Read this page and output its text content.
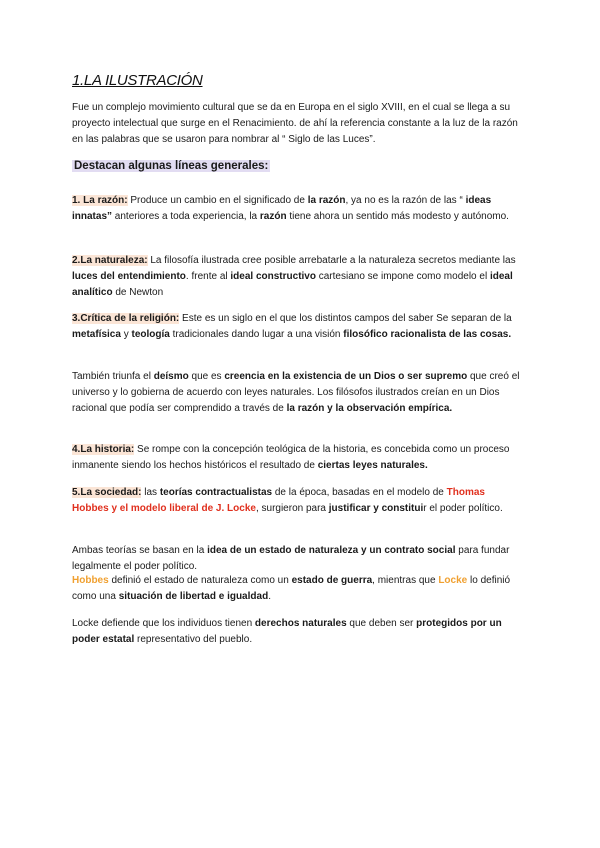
1.LA ILUSTRACIÓN
Fue un complejo movimiento cultural que se da en Europa en el siglo XVIII, en el cual se llega a su proyecto intelectual que surge en el Renacimiento. de ahí la referencia constante a la luz de la razón en las palabras que se usaron para nombrar al “ Siglo de las Luces”.
Destacan algunas líneas generales:
1. La razón: Produce un cambio en el significado de la razón, ya no es la razón de las “ ideas innatas” anteriores a toda experiencia, la razón tiene ahora un sentido más modesto y autónomo.
2.La naturaleza: La filosofía ilustrada cree posible arrebatarle a la naturaleza secretos mediante las luces del entendimiento. frente al ideal constructivo cartesiano se impone como modelo el ideal analítico de Newton
3.Crítica de la religión: Este es un siglo en el que los distintos campos del saber Se separan de la metafísica y teología tradicionales dando lugar a una visión filosófico racionalista de las cosas.
También triunfa el deísmo que es creencia en la existencia de un Dios o ser supremo que creó el universo y lo gobierna de acuerdo con leyes naturales. Los filósofos ilustrados creían en un Dios racional que podía ser comprendido a través de la razón y la observación empírica.
4.La historia: Se rompe con la concepción teológica de la historia, es concebida como un proceso inmanente siendo los hechos históricos el resultado de ciertas leyes naturales.
5.La sociedad: las teorías contractualistas de la época, basadas en el modelo de Thomas Hobbes y el modelo liberal de J. Locke, surgieron para justificar y constituir el poder político.
Ambas teorías se basan en la idea de un estado de naturaleza y un contrato social para fundar legalmente el poder político.
Hobbes definió el estado de naturaleza como un estado de guerra, mientras que Locke lo definió como una situación de libertad e igualdad.
Locke defiende que los individuos tienen derechos naturales que deben ser protegidos por un poder estatal representativo del pueblo.
